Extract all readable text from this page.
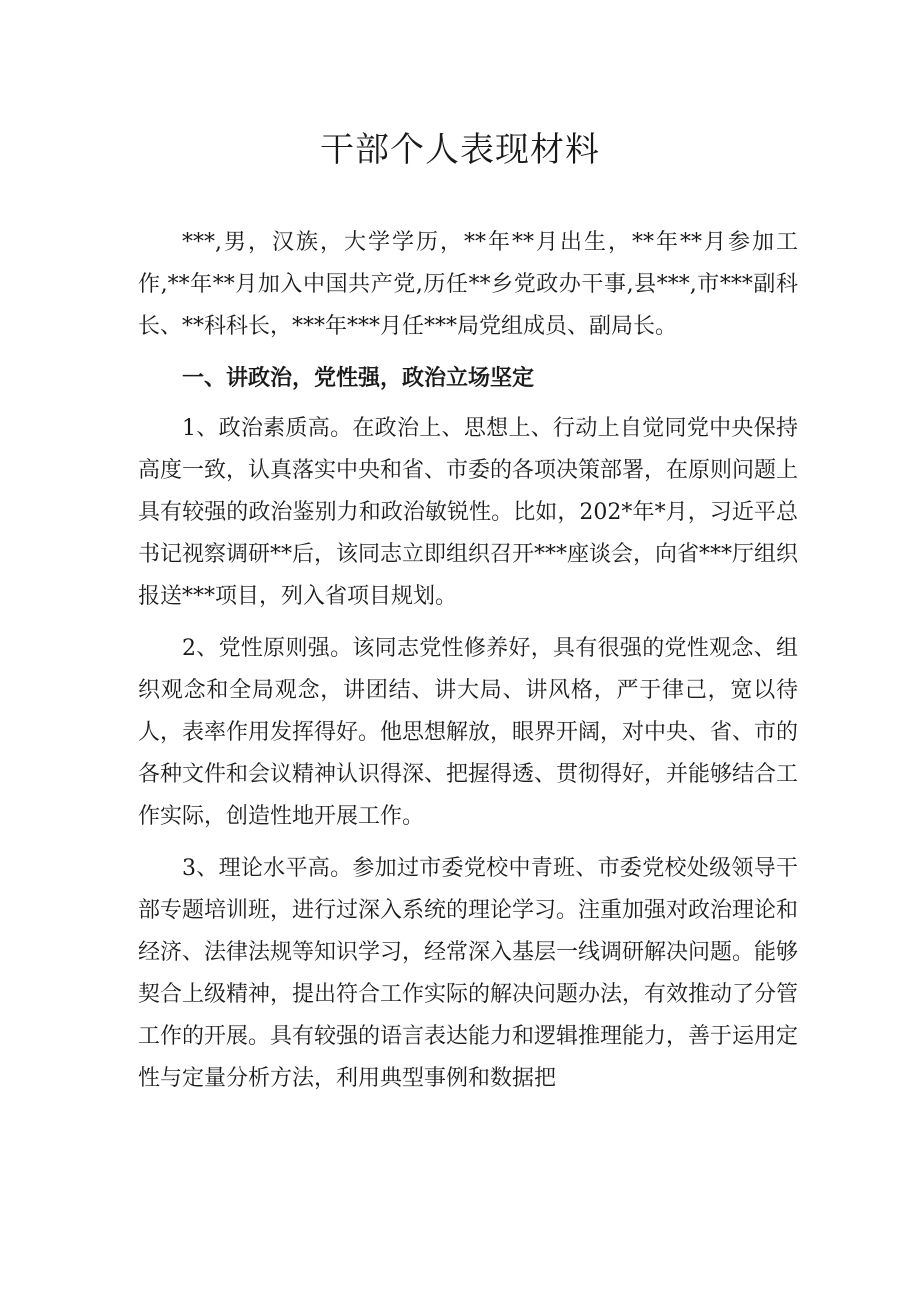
干部个人表现材料

***,男，汉族，大学学历，**年**月出生，**年**月参加工作,**年**月加入中国共产党,历任**乡党政办干事,县***,市***副科长、**科科长，***年***月任***局党组成员、副局长。

一、讲政治，党性强，政治立场坚定

1、政治素质高。在政治上、思想上、行动上自觉同党中央保持高度一致，认真落实中央和省、市委的各项决策部署，在原则问题上具有较强的政治鉴别力和政治敏锐性。比如，202*年*月，习近平总书记视察调研**后，该同志立即组织召开***座谈会，向省***厅组织报送***项目，列入省项目规划。

2、党性原则强。该同志党性修养好，具有很强的党性观念、组织观念和全局观念，讲团结、讲大局、讲风格，严于律己，宽以待人，表率作用发挥得好。他思想解放，眼界开阔，对中央、省、市的各种文件和会议精神认识得深、把握得透、贯彻得好，并能够结合工作实际，创造性地开展工作。

3、理论水平高。参加过市委党校中青班、市委党校处级领导干部专题培训班，进行过深入系统的理论学习。注重加强对政治理论和经济、法律法规等知识学习，经常深入基层一线调研解决问题。能够契合上级精神，提出符合工作实际的解决问题办法，有效推动了分管工作的开展。具有较强的语言表达能力和逻辑推理能力，善于运用定性与定量分析方法，利用典型事例和数据把
